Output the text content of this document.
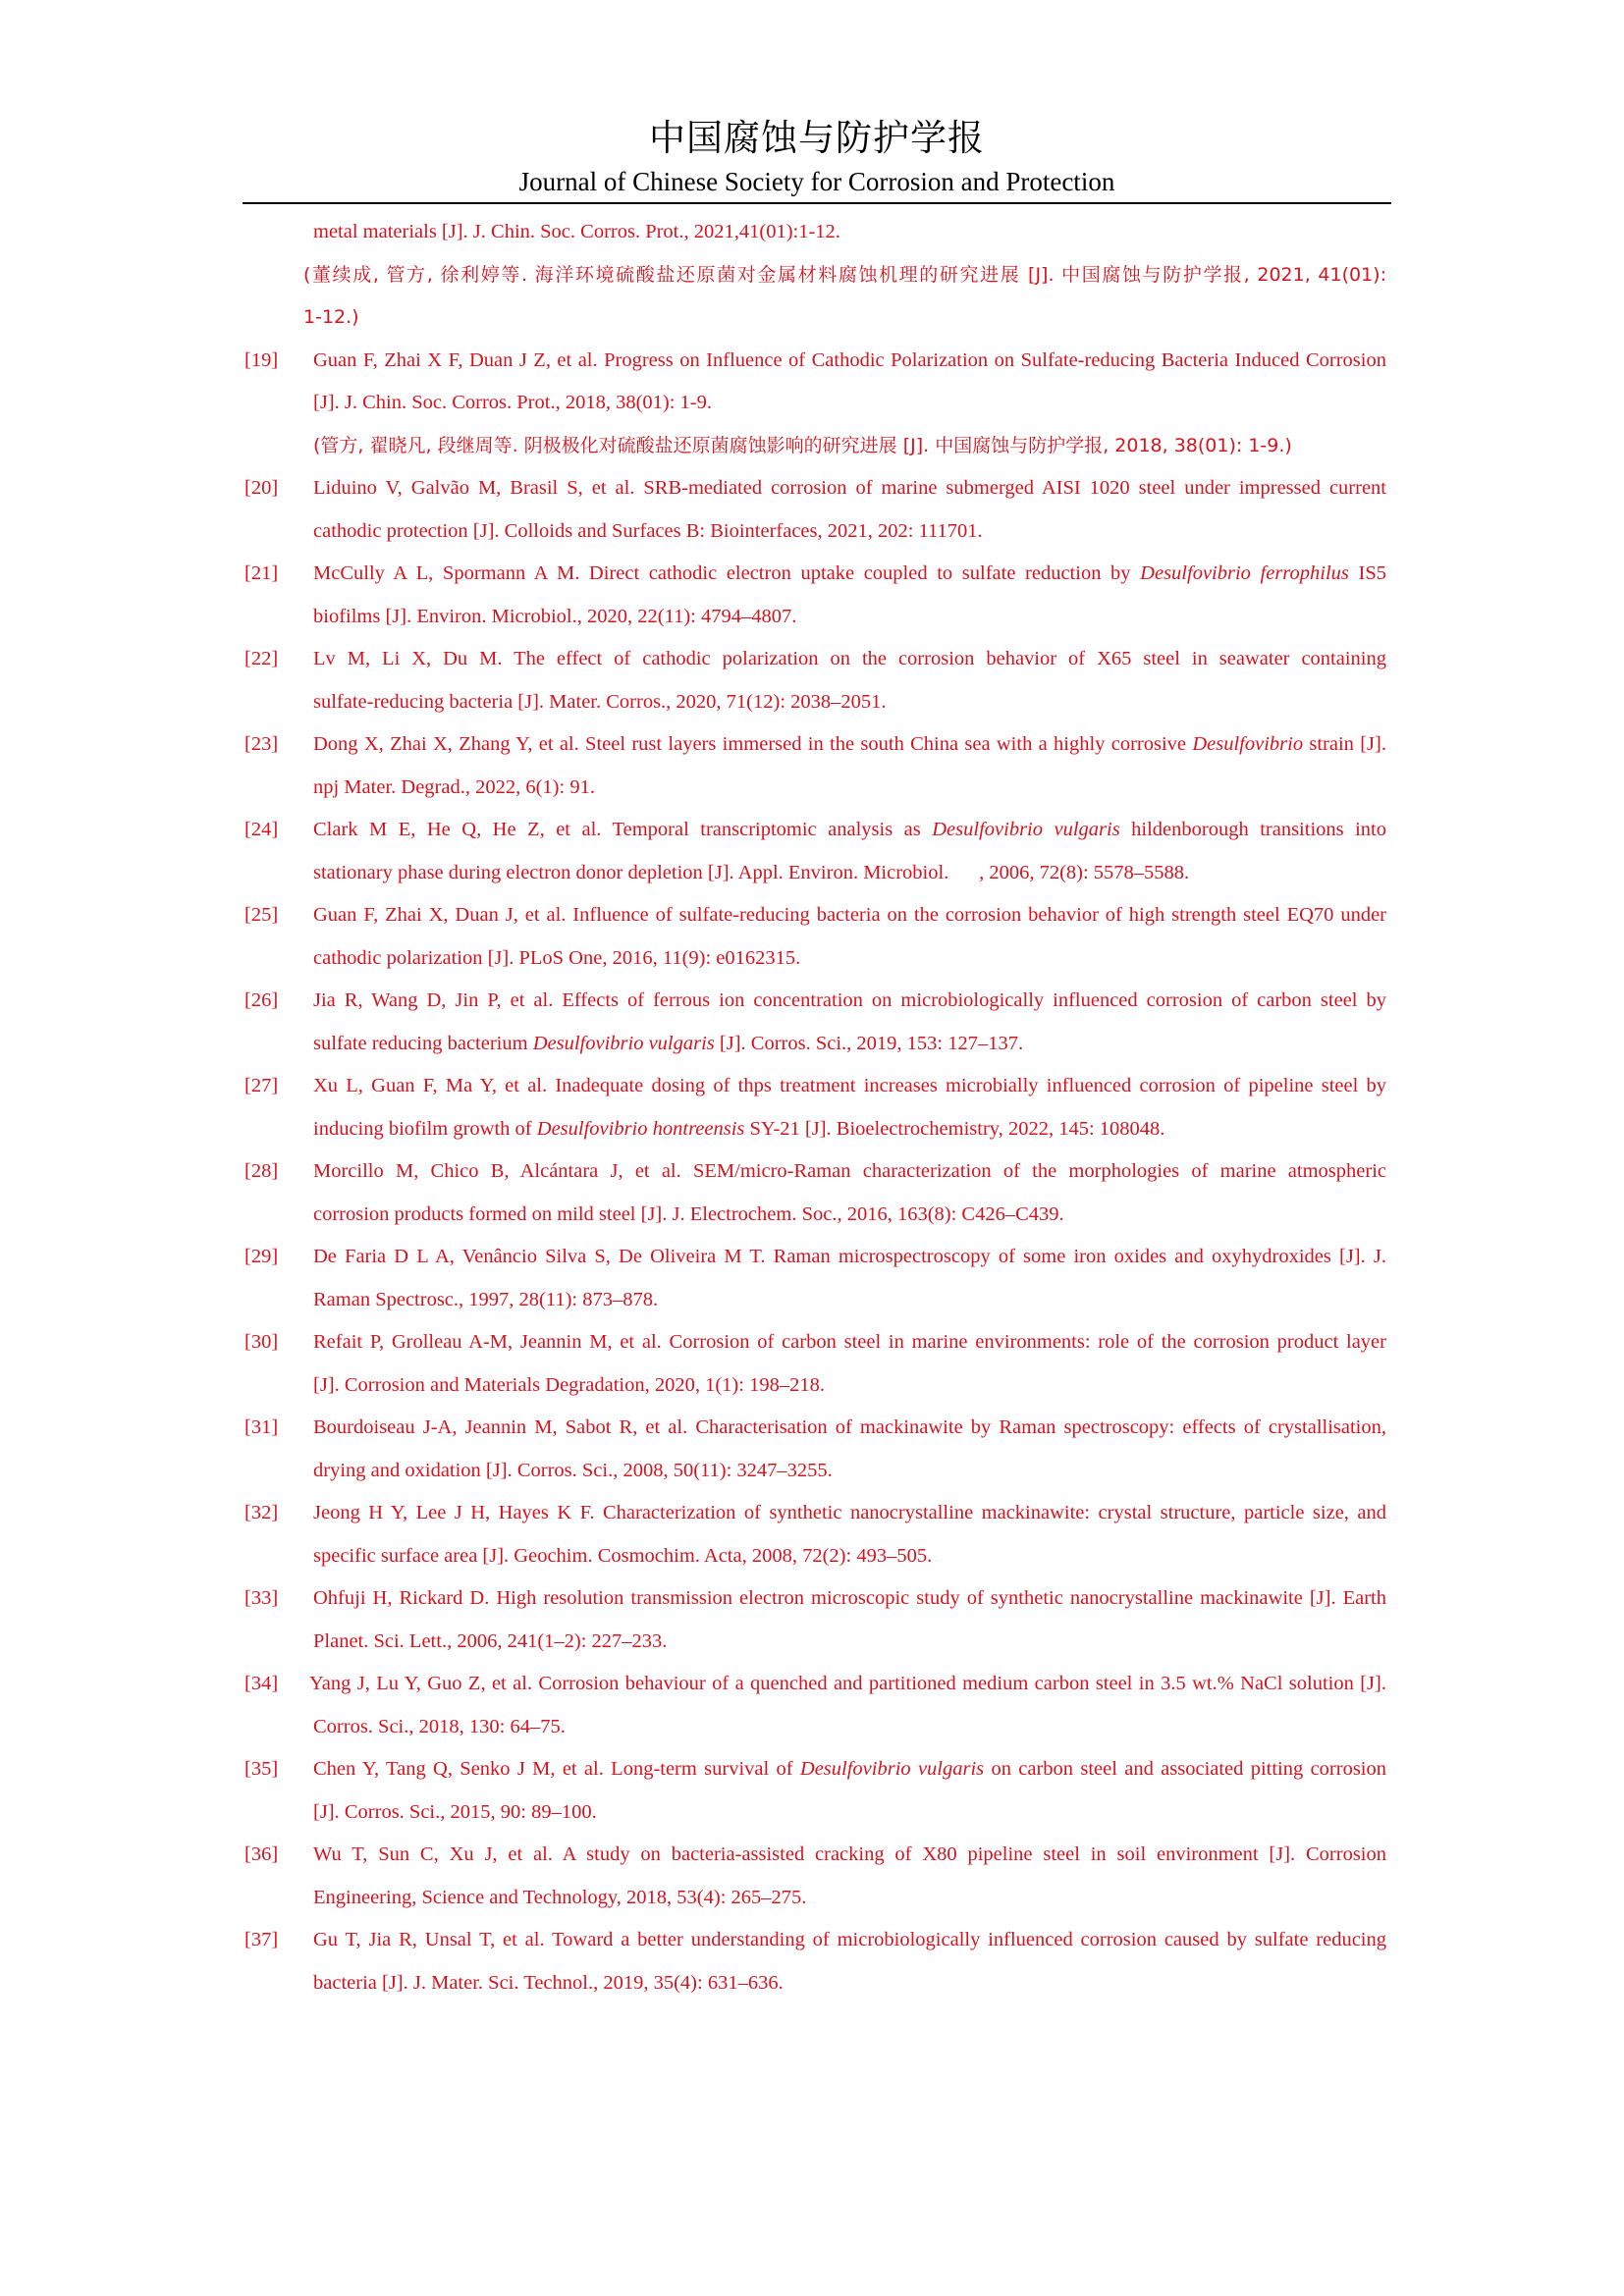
中国腐蚀与防护学报
Journal of Chinese Society for Corrosion and Protection
metal materials [J]. J. Chin. Soc. Corros. Prot., 2021,41(01):1-12.
(董续成, 管方, 徐利婷等. 海洋环境硫酸盐还原菌对金属材料腐蚀机理的研究进展 [J]. 中国腐蚀与防护学报, 2021, 41(01):
1-12.)
[19] Guan F, Zhai X F, Duan J Z, et al. Progress on Influence of Cathodic Polarization on Sulfate-reducing Bacteria Induced Corrosion
[J]. J. Chin. Soc. Corros. Prot., 2018, 38(01): 1-9.
(管方, 翟晓凡, 段继周等. 阴极极化对硫酸盐还原菌腐蚀影响的研究进展 [J]. 中国腐蚀与防护学报, 2018, 38(01): 1-9.)
[20] Liduino V, Galvão M, Brasil S, et al. SRB-mediated corrosion of marine submerged AISI 1020 steel under impressed current
cathodic protection [J]. Colloids and Surfaces B: Biointerfaces, 2021, 202: 111701.
[21] McCully A L, Spormann A M. Direct cathodic electron uptake coupled to sulfate reduction by Desulfovibrio ferrophilus IS5
biofilms [J]. Environ. Microbiol., 2020, 22(11): 4794–4807.
[22] Lv M, Li X, Du M. The effect of cathodic polarization on the corrosion behavior of X65 steel in seawater containing
sulfate-reducing bacteria [J]. Mater. Corros., 2020, 71(12): 2038–2051.
[23] Dong X, Zhai X, Zhang Y, et al. Steel rust layers immersed in the south China sea with a highly corrosive Desulfovibrio strain [J].
npj Mater. Degrad., 2022, 6(1): 91.
[24] Clark M E, He Q, He Z, et al. Temporal transcriptomic analysis as Desulfovibrio vulgaris hildenborough transitions into
stationary phase during electron donor depletion [J]. Appl. Environ. Microbiol.      , 2006, 72(8): 5578–5588.
[25] Guan F, Zhai X, Duan J, et al. Influence of sulfate-reducing bacteria on the corrosion behavior of high strength steel EQ70 under
cathodic polarization [J]. PLoS One, 2016, 11(9): e0162315.
[26] Jia R, Wang D, Jin P, et al. Effects of ferrous ion concentration on microbiologically influenced corrosion of carbon steel by
sulfate reducing bacterium Desulfovibrio vulgaris [J]. Corros. Sci., 2019, 153: 127–137.
[27] Xu L, Guan F, Ma Y, et al. Inadequate dosing of thps treatment increases microbially influenced corrosion of pipeline steel by
inducing biofilm growth of Desulfovibrio hontreensis SY-21 [J]. Bioelectrochemistry, 2022, 145: 108048.
[28] Morcillo M, Chico B, Alcántara J, et al. SEM/micro-Raman characterization of the morphologies of marine atmospheric
corrosion products formed on mild steel [J]. J. Electrochem. Soc., 2016, 163(8): C426–C439.
[29] De Faria D L A, Venâncio Silva S, De Oliveira M T. Raman microspectroscopy of some iron oxides and oxyhydroxides [J]. J.
Raman Spectrosc., 1997, 28(11): 873–878.
[30] Refait P, Grolleau A-M, Jeannin M, et al. Corrosion of carbon steel in marine environments: role of the corrosion product layer
[J]. Corrosion and Materials Degradation, 2020, 1(1): 198–218.
[31] Bourdoiseau J-A, Jeannin M, Sabot R, et al. Characterisation of mackinawite by Raman spectroscopy: effects of crystallisation,
drying and oxidation [J]. Corros. Sci., 2008, 50(11): 3247–3255.
[32] Jeong H Y, Lee J H, Hayes K F. Characterization of synthetic nanocrystalline mackinawite: crystal structure, particle size, and
specific surface area [J]. Geochim. Cosmochim. Acta, 2008, 72(2): 493–505.
[33] Ohfuji H, Rickard D. High resolution transmission electron microscopic study of synthetic nanocrystalline mackinawite [J]. Earth
Planet. Sci. Lett., 2006, 241(1–2): 227–233.
[34] Yang J, Lu Y, Guo Z, et al. Corrosion behaviour of a quenched and partitioned medium carbon steel in 3.5 wt.% NaCl solution [J].
Corros. Sci., 2018, 130: 64–75.
[35] Chen Y, Tang Q, Senko J M, et al. Long-term survival of Desulfovibrio vulgaris on carbon steel and associated pitting corrosion
[J]. Corros. Sci., 2015, 90: 89–100.
[36] Wu T, Sun C, Xu J, et al. A study on bacteria-assisted cracking of X80 pipeline steel in soil environment [J]. Corrosion
Engineering, Science and Technology, 2018, 53(4): 265–275.
[37] Gu T, Jia R, Unsal T, et al. Toward a better understanding of microbiologically influenced corrosion caused by sulfate reducing
bacteria [J]. J. Mater. Sci. Technol., 2019, 35(4): 631–636.
